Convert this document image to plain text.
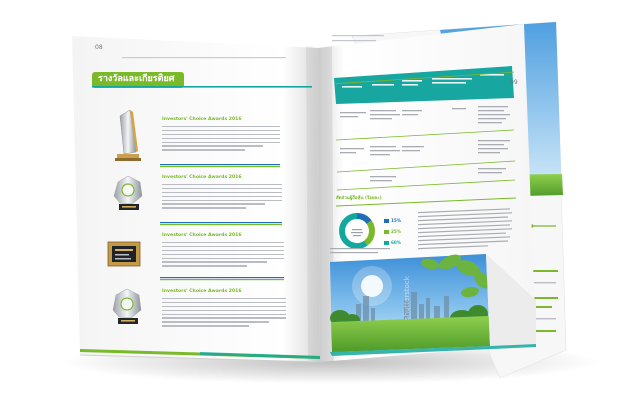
08
รางวัลและเกียรติยศ
Investors' Choice Awards 2016
Investors' Choice Awards 2016
Investors' Choice Awards 2016
Investors' Choice Awards 2016
09
สัดส่วนผู้ถือหุ้น (ร้อยละ)
15%
25%
60%
shutterstock
